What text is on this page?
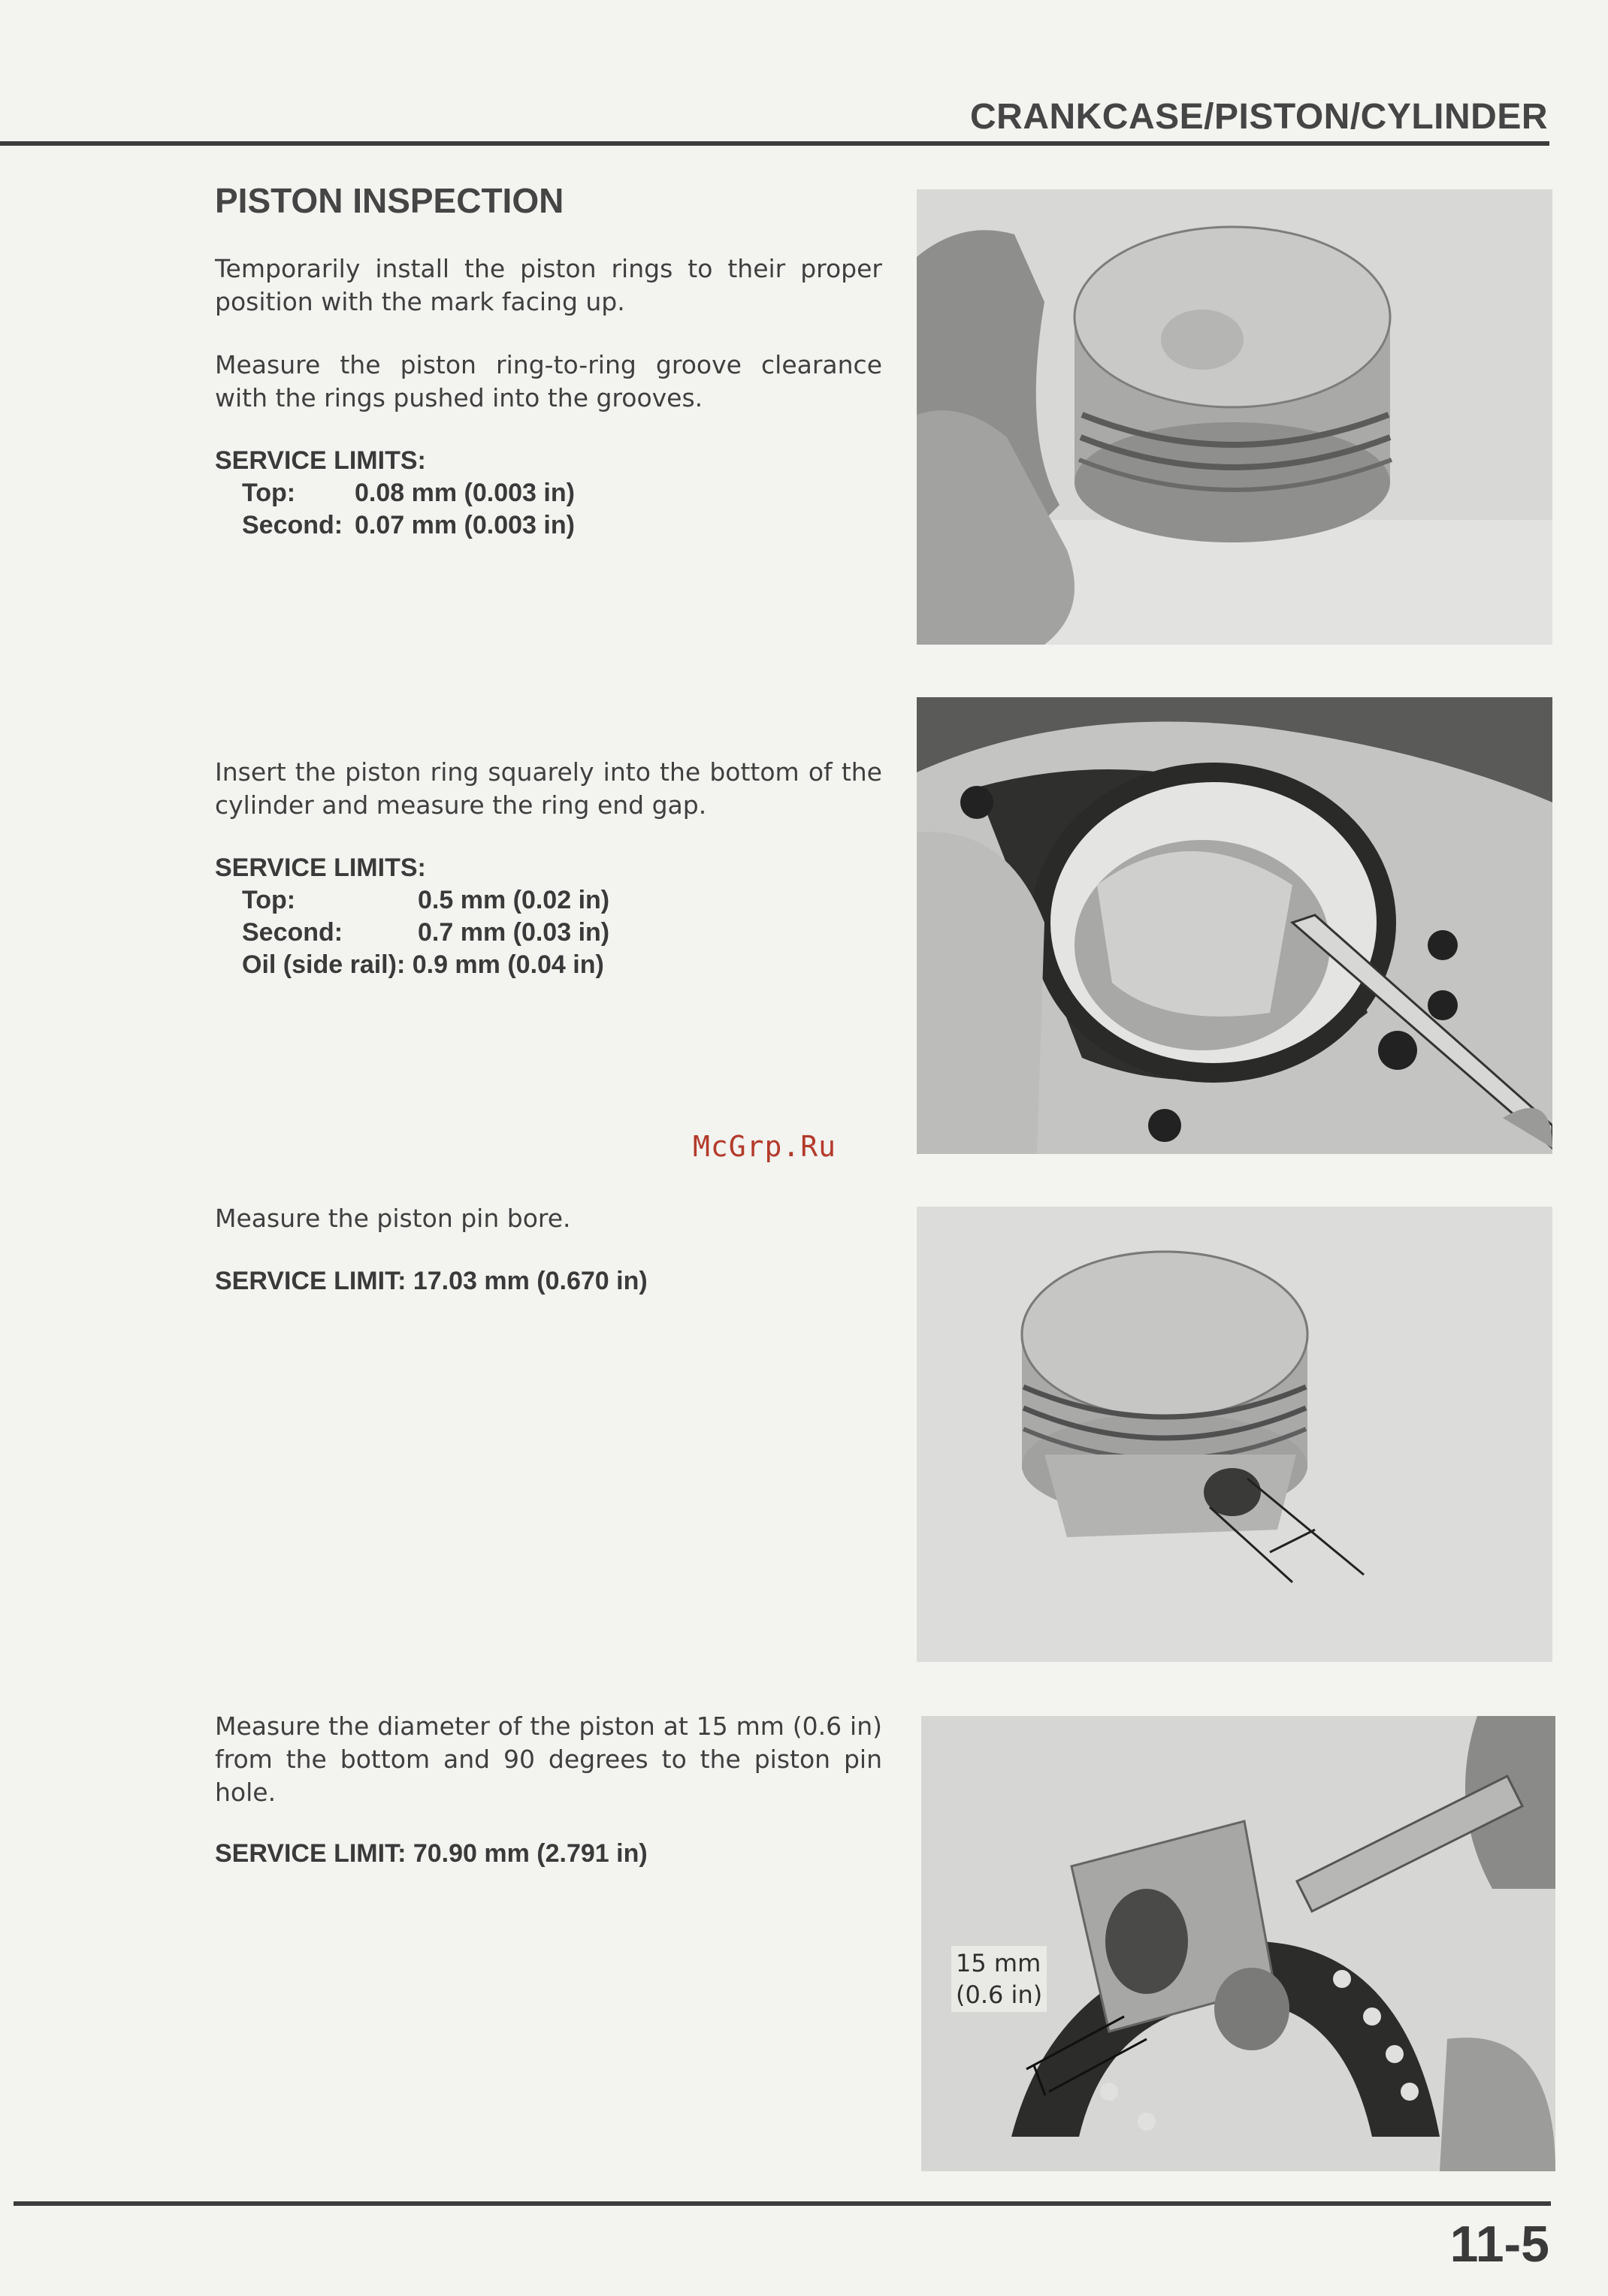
CRANKCASE/PISTON/CYLINDER
PISTON INSPECTION

Temporarily install the piston rings to their proper position with the mark facing up.

Measure the piston ring-to-ring groove clearance with the rings pushed into the grooves.

SERVICE LIMITS:
Top: 0.08 mm (0.003 in)
Second: 0.07 mm (0.003 in)

Insert the piston ring squarely into the bottom of the cylinder and measure the ring end gap.

SERVICE LIMITS:
Top:	0.5 mm (0.02 in)
Second:	0.7 mm (0.03 in)
Oil (side rail): 0.9 mm (0.04 in)
McGrp.Ru

Measure the piston pin bore.

SERVICE LIMIT: 17.03 mm (0.670 in)

Measure the diameter of the piston at 15 mm (0.6 in) from the bottom and 90 degrees to the piston pin hole.

SERVICE LIMIT: 70.90 mm (2.791 in)
15 mm
(0.6 in)
11-5
